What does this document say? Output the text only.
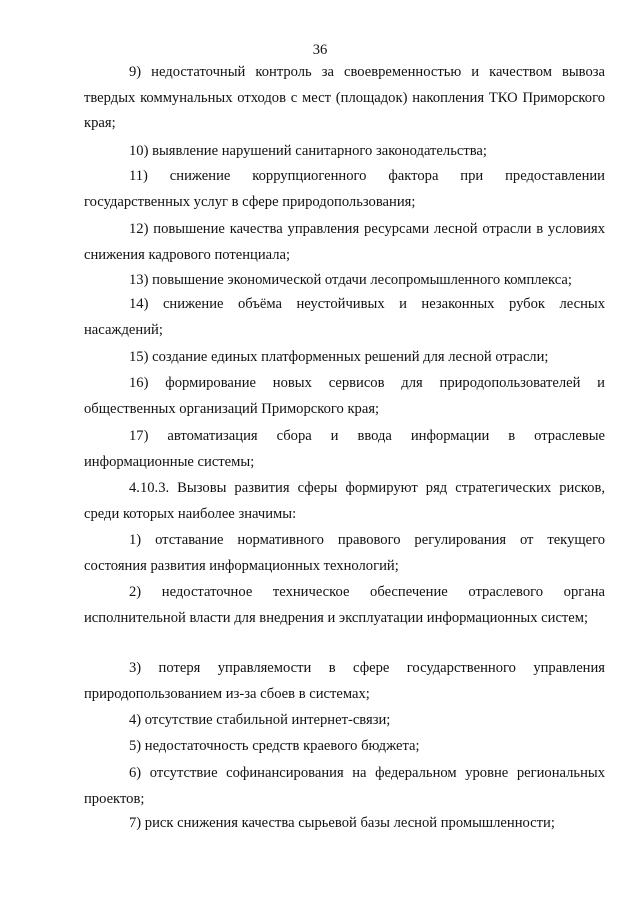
36

9) недостаточный контроль за своевременностью и качеством вывоза твердых коммунальных отходов с мест (площадок) накопления ТКО Приморского края;

10) выявление нарушений санитарного законодательства;

11) снижение коррупциогенного фактора при предоставлении государственных услуг в сфере природопользования;

12) повышение качества управления ресурсами лесной отрасли в условиях снижения кадрового потенциала;

13) повышение экономической отдачи лесопромышленного комплекса;

14) снижение объёма неустойчивых и незаконных рубок лесных насаждений;

15) создание единых платформенных решений для лесной отрасли;

16) формирование новых сервисов для природопользователей и общественных организаций Приморского края;

17) автоматизация сбора и ввода информации в отраслевые информационные системы;

4.10.3. Вызовы развития сферы формируют ряд стратегических рисков, среди которых наиболее значимы:

1) отставание нормативного правового регулирования от текущего состояния развития информационных технологий;

2) недостаточное техническое обеспечение отраслевого органа исполнительной власти для внедрения и эксплуатации информационных систем;

3) потеря управляемости в сфере государственного управления природопользованием из-за сбоев в системах;

4) отсутствие стабильной интернет-связи;

5) недостаточность средств краевого бюджета;

6) отсутствие софинансирования на федеральном уровне региональных проектов;

7) риск снижения качества сырьевой базы лесной промышленности;
